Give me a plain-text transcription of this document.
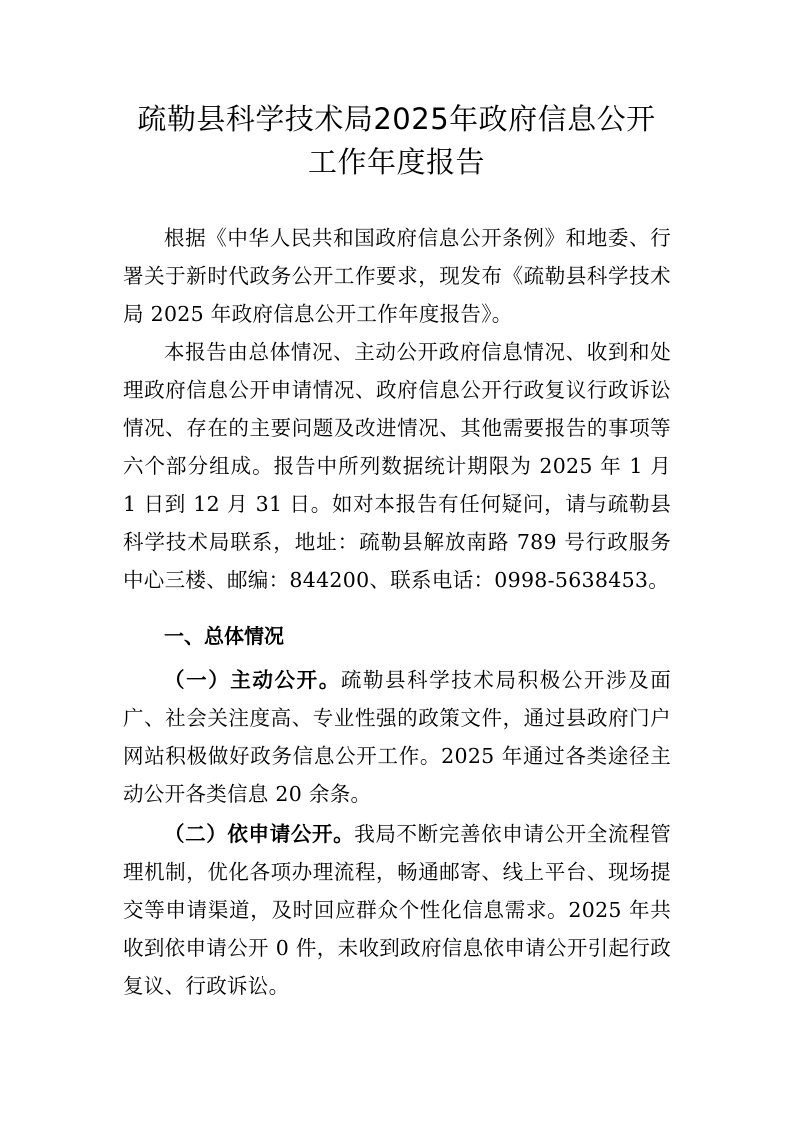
疏勒县科学技术局2025年政府信息公开
工作年度报告
根据《中华人民共和国政府信息公开条例》和地委、行署关于新时代政务公开工作要求，现发布《疏勒县科学技术局 2025 年政府信息公开工作年度报告》。
本报告由总体情况、主动公开政府信息情况、收到和处理政府信息公开申请情况、政府信息公开行政复议行政诉讼情况、存在的主要问题及改进情况、其他需要报告的事项等六个部分组成。报告中所列数据统计期限为 2025 年 1 月 1 日到 12 月 31 日。如对本报告有任何疑问，请与疏勒县科学技术局联系，地址：疏勒县解放南路 789 号行政服务中心三楼、邮编：844200、联系电话：0998-5638453。
一、总体情况
（一）主动公开。疏勒县科学技术局积极公开涉及面广、社会关注度高、专业性强的政策文件，通过县政府门户网站积极做好政务信息公开工作。2025 年通过各类途径主动公开各类信息 20 余条。
（二）依申请公开。我局不断完善依申请公开全流程管理机制，优化各项办理流程，畅通邮寄、线上平台、现场提交等申请渠道，及时回应群众个性化信息需求。2025 年共收到依申请公开 0 件，未收到政府信息依申请公开引起行政复议、行政诉讼。
